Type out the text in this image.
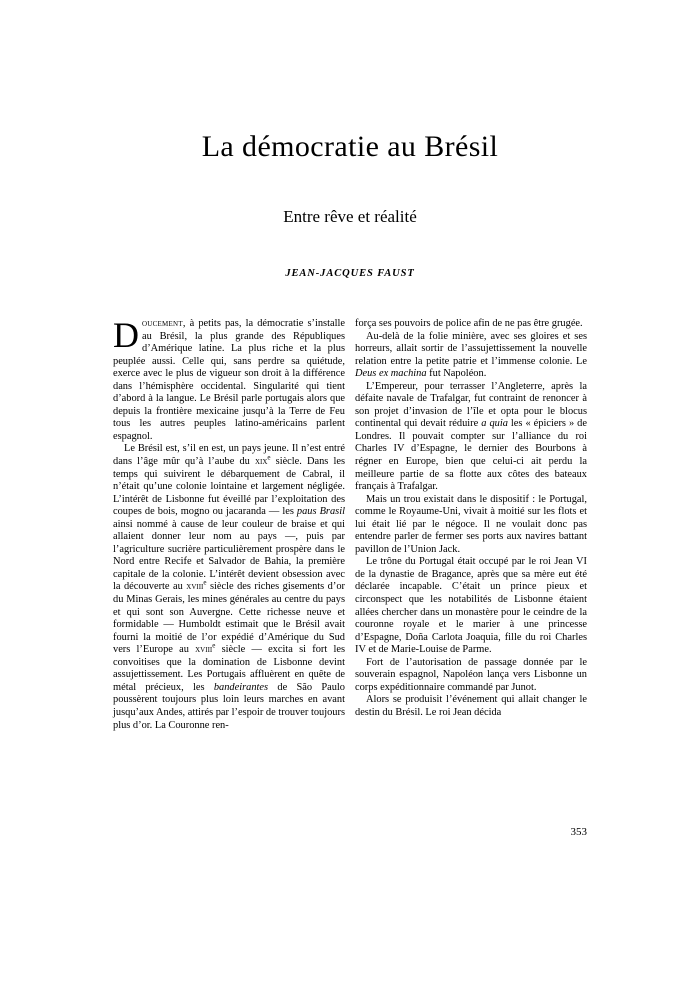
La démocratie au Brésil
Entre rêve et réalité
JEAN-JACQUES FAUST

Doucement, à petits pas, la démocratie s’installe au Brésil, la plus grande des Républiques d’Amérique latine. La plus riche et la plus peuplée aussi. Celle qui, sans perdre sa quiétude, exerce avec le plus de vigueur son droit à la différence dans l’hémisphère occidental. Singularité qui tient d’abord à la langue. Le Brésil parle portugais alors que depuis la frontière mexicaine jusqu’à la Terre de Feu tous les autres peuples latino-américains parlent espagnol.

Le Brésil est, s’il en est, un pays jeune. Il n’est entré dans l’âge mûr qu’à l’aube du xix$^e$ siècle. Dans les temps qui suivirent le débarquement de Cabral, il n’était qu’une colonie lointaine et largement négligée. L’intérêt de Lisbonne fut éveillé par l’exploitation des coupes de bois, mogno ou jacaranda — les paus Brasil ainsi nommé à cause de leur couleur de braise et qui allaient donner leur nom au pays —, puis par l’agriculture sucrière particulièrement prospère dans le Nord entre Recife et Salvador de Bahia, la première capitale de la colonie. L’intérêt devient obsession avec la découverte au xviii$^e$ siècle des riches gisements d’or du Minas Gerais, les mines générales au centre du pays et qui sont son Auvergne. Cette richesse neuve et formidable — Humboldt estimait que le Brésil avait fourni la moitié de l’or expédié d’Amérique du Sud vers l’Europe au xviii$^e$ siècle — excita si fort les convoitises que la domination de Lisbonne devint assujettissement. Les Portugais affluèrent en quête de métal précieux, les bandeirantes de São Paulo poussèrent toujours plus loin leurs marches en avant jusqu’aux Andes, attirés par l’espoir de trouver toujours plus d’or. La Couronne ren-

força ses pouvoirs de police afin de ne pas être grugée.

Au-delà de la folie minière, avec ses gloires et ses horreurs, allait sortir de l’assujettissement la nouvelle relation entre la petite patrie et l’immense colonie. Le Deus ex machina fut Napoléon.

L’Empereur, pour terrasser l’Angleterre, après la défaite navale de Trafalgar, fut contraint de renoncer à son projet d’invasion de l’île et opta pour le blocus continental qui devait réduire a quia les « épiciers » de Londres. Il pouvait compter sur l’alliance du roi Charles IV d’Espagne, le dernier des Bourbons à régner en Europe, bien que celui-ci ait perdu la meilleure partie de sa flotte aux côtes des bateaux français à Trafalgar.

Mais un trou existait dans le dispositif : le Portugal, comme le Royaume-Uni, vivait à moitié sur les flots et lui était lié par le négoce. Il ne voulait donc pas entendre parler de fermer ses ports aux navires battant pavillon de l’Union Jack.

Le trône du Portugal était occupé par le roi Jean VI de la dynastie de Bragance, après que sa mère eut été déclarée incapable. C’était un prince pieux et circonspect que les notabilités de Lisbonne étaient allées chercher dans un monastère pour le ceindre de la couronne royale et le marier à une princesse d’Espagne, Doña Carlota Joaquia, fille du roi Charles IV et de Marie-Louise de Parme.

Fort de l’autorisation de passage donnée par le souverain espagnol, Napoléon lança vers Lisbonne un corps expéditionnaire commandé par Junot.

Alors se produisit l’événement qui allait changer le destin du Brésil. Le roi Jean décida

353
